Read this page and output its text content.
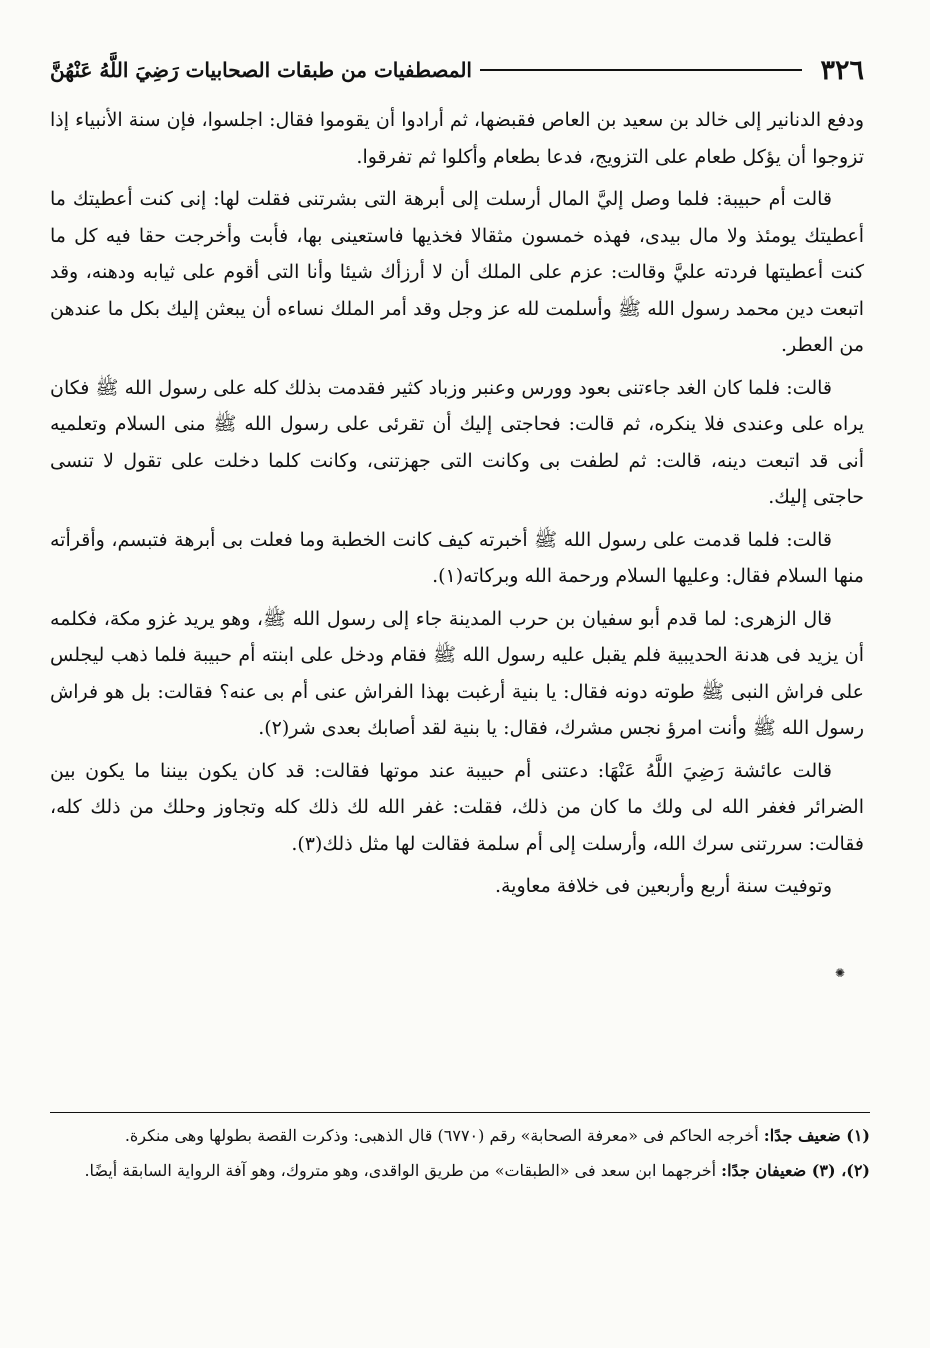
٣٢٦
المصطفيات من طبقات الصحابيات رَضِيَ اللَّهُ عَنْهُنَّ

ودفع الدنانير إلى خالد بن سعيد بن العاص فقبضها، ثم أرادوا أن يقوموا فقال: اجلسوا، فإن سنة الأنبياء إذا تزوجوا أن يؤكل طعام على التزويج، فدعا بطعام وأكلوا ثم تفرقوا.

قالت أم حبيبة: فلما وصل إليَّ المال أرسلت إلى أبرهة التى بشرتنى فقلت لها: إنى كنت أعطيتك ما أعطيتك يومئذ ولا مال بيدى، فهذه خمسون مثقالا فخذيها فاستعينى بها، فأبت وأخرجت حقا فيه كل ما كنت أعطيتها فردته عليَّ وقالت: عزم على الملك أن لا أرزأك شيئا وأنا التى أقوم على ثيابه ودهنه، وقد اتبعت دين محمد رسول الله ﷺ وأسلمت لله عز وجل وقد أمر الملك نساءه أن يبعثن إليك بكل ما عندهن من العطر.

قالت: فلما كان الغد جاءتنى بعود وورس وعنبر وزباد كثير فقدمت بذلك كله على رسول الله ﷺ فكان يراه على وعندى فلا ينكره، ثم قالت: فحاجتى إليك أن تقرئى على رسول الله ﷺ منى السلام وتعلميه أنى قد اتبعت دينه، قالت: ثم لطفت بى وكانت التى جهزتنى، وكانت كلما دخلت على تقول لا تنسى حاجتى إليك.

قالت: فلما قدمت على رسول الله ﷺ أخبرته كيف كانت الخطبة وما فعلت بى أبرهة فتبسم، وأقرأته منها السلام فقال: وعليها السلام ورحمة الله وبركاته(١).

قال الزهرى: لما قدم أبو سفيان بن حرب المدينة جاء إلى رسول الله ﷺ، وهو يريد غزو مكة، فكلمه أن يزيد فى هدنة الحديبية فلم يقبل عليه رسول الله ﷺ فقام ودخل على ابنته أم حبيبة فلما ذهب ليجلس على فراش النبى ﷺ طوته دونه فقال: يا بنية أرغبت بهذا الفراش عنى أم بى عنه؟ فقالت: بل هو فراش رسول الله ﷺ وأنت امرؤ نجس مشرك، فقال: يا بنية لقد أصابك بعدى شر(٢).

قالت عائشة رَضِيَ اللَّهُ عَنْهَا: دعتنى أم حبيبة عند موتها فقالت: قد كان يكون بيننا ما يكون بين الضرائر فغفر الله لى ولك ما كان من ذلك، فقلت: غفر الله لك ذلك كله وتجاوز وحلك من ذلك كله، فقالت: سررتنى سرك الله، وأرسلت إلى أم سلمة فقالت لها مثل ذلك(٣).

وتوفيت سنة أربع وأربعين فى خلافة معاوية.

✺

(١) ضعيف جدًا: أخرجه الحاكم فى «معرفة الصحابة» رقم (٦٧٧٠) قال الذهبى: وذكرت القصة بطولها وهى منكرة.

(٢)، (٣) ضعيفان جدًا: أخرجهما ابن سعد فى «الطبقات» من طريق الواقدى، وهو متروك، وهو آفة الرواية السابقة أيضًا.
